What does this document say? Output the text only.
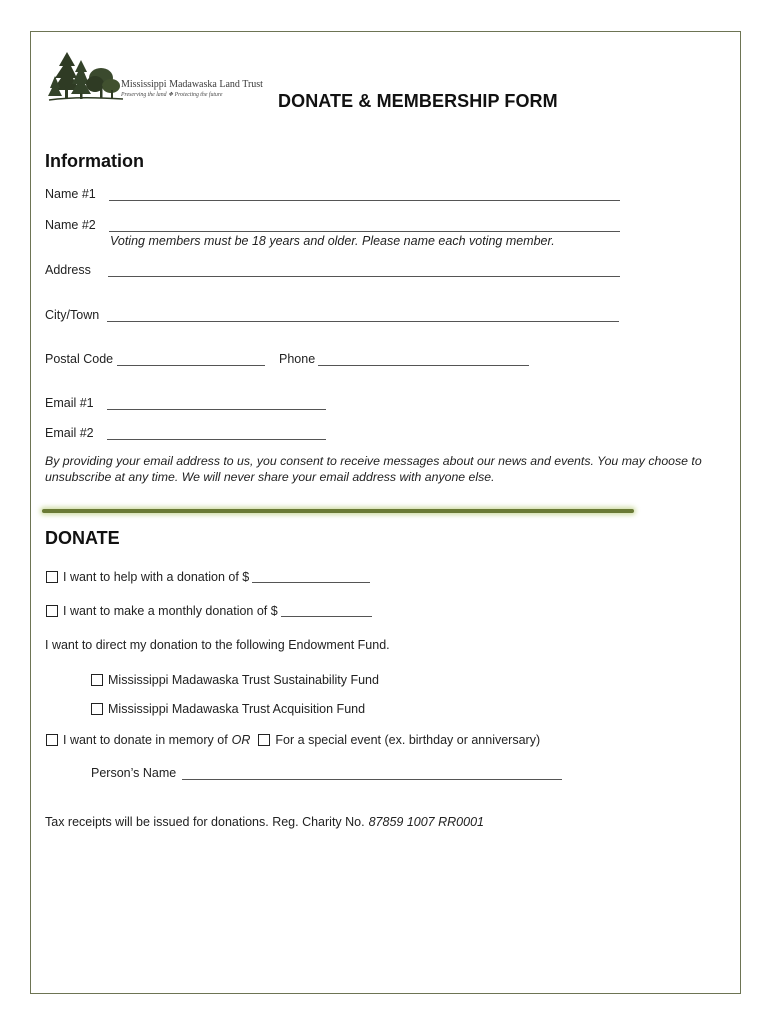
Mississippi Madawaska Land Trust
Preserving the land ❖ Protecting the future	DONATE & MEMBERSHIP FORM
Information
Name #1
Name #2
Voting members must be 18 years and older. Please name each voting member.
Address
City/Town
Postal Code	Phone
Email #1
Email #2
By providing your email address to us, you consent to receive messages about our news and events. You may choose to unsubscribe at any time. We will never share your email address with anyone else.
DONATE
I want to help with a donation of $
I want to make a monthly donation of $
I want to direct my donation to the following Endowment Fund.
Mississippi Madawaska Trust Sustainability Fund
Mississippi Madawaska Trust Acquisition Fund
I want to donate in memory of OR For a special event (ex. birthday or anniversary)
Person’s Name
Tax receipts will be issued for donations. Reg. Charity No. 87859 1007 RR0001
